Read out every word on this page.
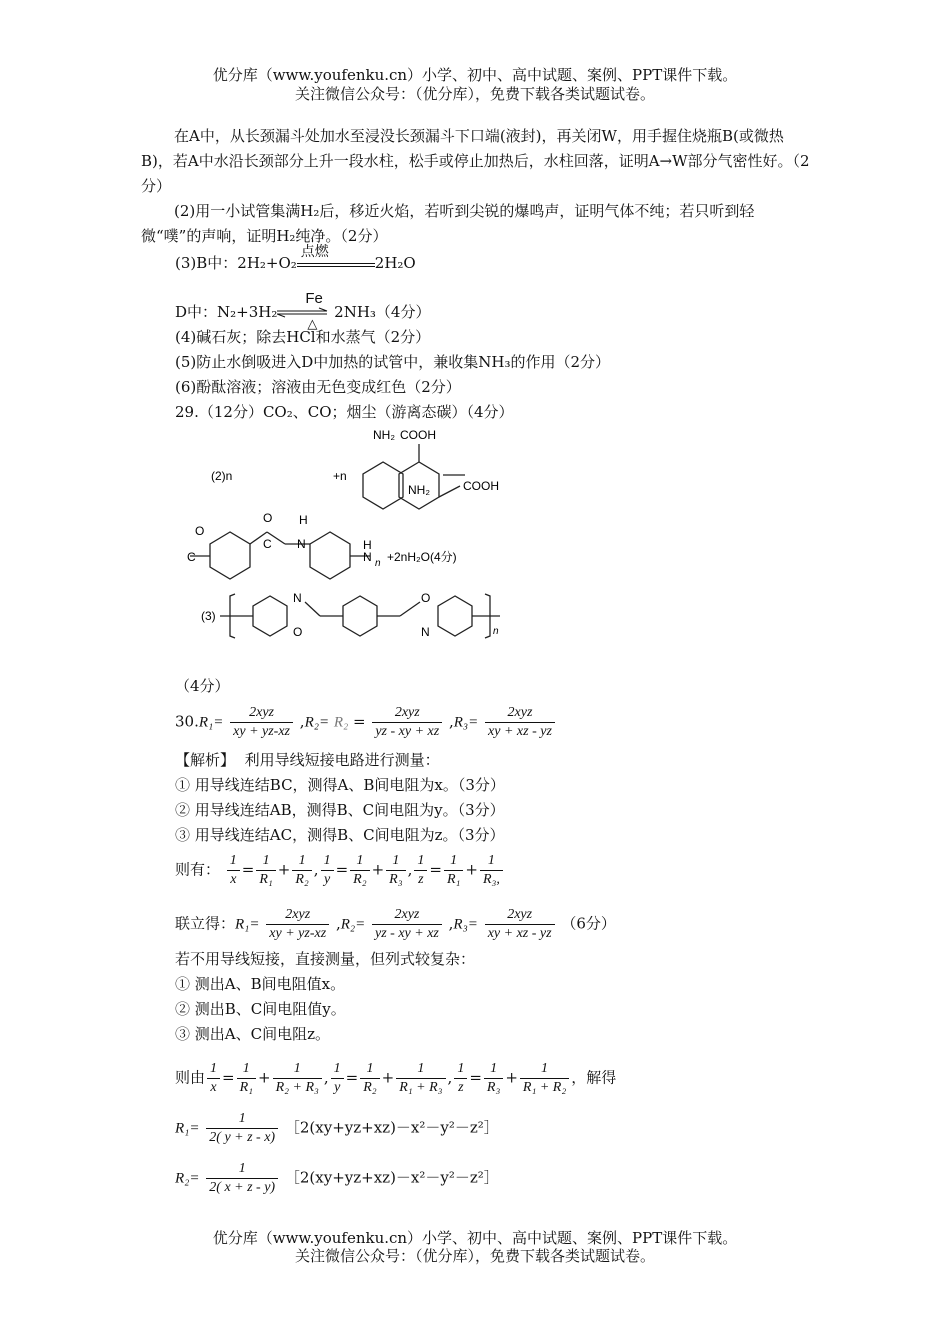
优分库（www.youfenku.cn）小学、初中、高中试题、案例、PPT课件下载。
关注微信公众号：（优分库），免费下载各类试题试卷。
在A中，从长颈漏斗处加水至浸没长颈漏斗下口端(液封)，再关闭W，用手握住烧瓶B(或微热B)，若A中水沿长颈部分上升一段水柱，松手或停止加热后，水柱回落，证明A→W部分气密性好。（2分）
(2)用一小试管集满H₂后，移近火焰，若听到尖锐的爆鸣声，证明气体不纯；若只听到轻微“噗”的声响，证明H₂纯净。（2分）
(3)B中：2H₂+O₂
点燃
2H₂O
D中：N₂+3H₂
Fe
△
2NH₃（4分）
(4)碱石灰；除去HCl和水蒸气（2分）
(5)防止水倒吸进入D中加热的试管中，兼收集NH₃的作用（2分）
(6)酚酞溶液；溶液由无色变成红色（2分）
29.（12分）CO₂、CO；烟尘（游离态碳）（4分）
(2)n
COOH
COOH
+n
NH₂
NH₂
O
O H
N
C
C	H
N +2nH₂O(4分)
(3)
N
O
O
N
n
n
（4分）
$30.R_1= \frac{\text{2xyz}}{xy + yz-xz} ,R_2= R_2 = \frac{\text{2xyz}}{yz - xy + xz} ,R_3= \frac{\text{2xyz}}{xy + xz - yz}$
【解析】 利用导线短接电路进行测量：
① 用导线连结BC，测得A、B间电阻为x。（3分）
② 用导线连结AB，测得B、C间电阻为y。（3分）
③ 用导线连结AC，测得B、C间电阻为z。（3分）
则有： $\frac{1}{x} = \frac{1}{\text{R₁}} + \frac{1}{\text{R₂}}$ , $\frac{1}{y} = \frac{1}{\text{R₂}} + \frac{1}{\text{R₃}}$ , $\frac{1}{z} = \frac{1}{\text{R₁}} + \frac{1}{\text{R₃,}}$
联立得：$R_1= \frac{\text{2xyz}}{xy + yz-xz} ,R_2= \frac{\text{2xyz}}{yz - xy + xz} ,R_3= \frac{\text{2xyz}}{xy + xz - yz} (6$分）
若不用导线短接，直接测量，但列式较复杂：
① 测出A、B间电阻值x。
② 测出B、C间电阻值y。
③ 测出A、C间电阻z。
则由 $\frac{1}{x} = \frac{1}{\text{R₁}} + \frac{1}{\text{R₂ + R₃}}$ , $\frac{1}{y} = \frac{1}{\text{R₂}} + \frac{1}{\text{R₁ + R₃}}$ , $\frac{1}{z} = \frac{1}{\text{R₃}} + \frac{1}{\text{R₁ + R₂}}$ ，解得
$R_1= \frac{1}{2( y + z - x)}$ ［2(xy+yz+xz)－x²－y²－z²］
$R_2= \frac{1}{2( x + z - y)}$ ［2(xy+yz+xz)－x²－y²－z²］
优分库（www.youfenku.cn）小学、初中、高中试题、案例、PPT课件下载。
关注微信公众号：（优分库），免费下载各类试题试卷。
